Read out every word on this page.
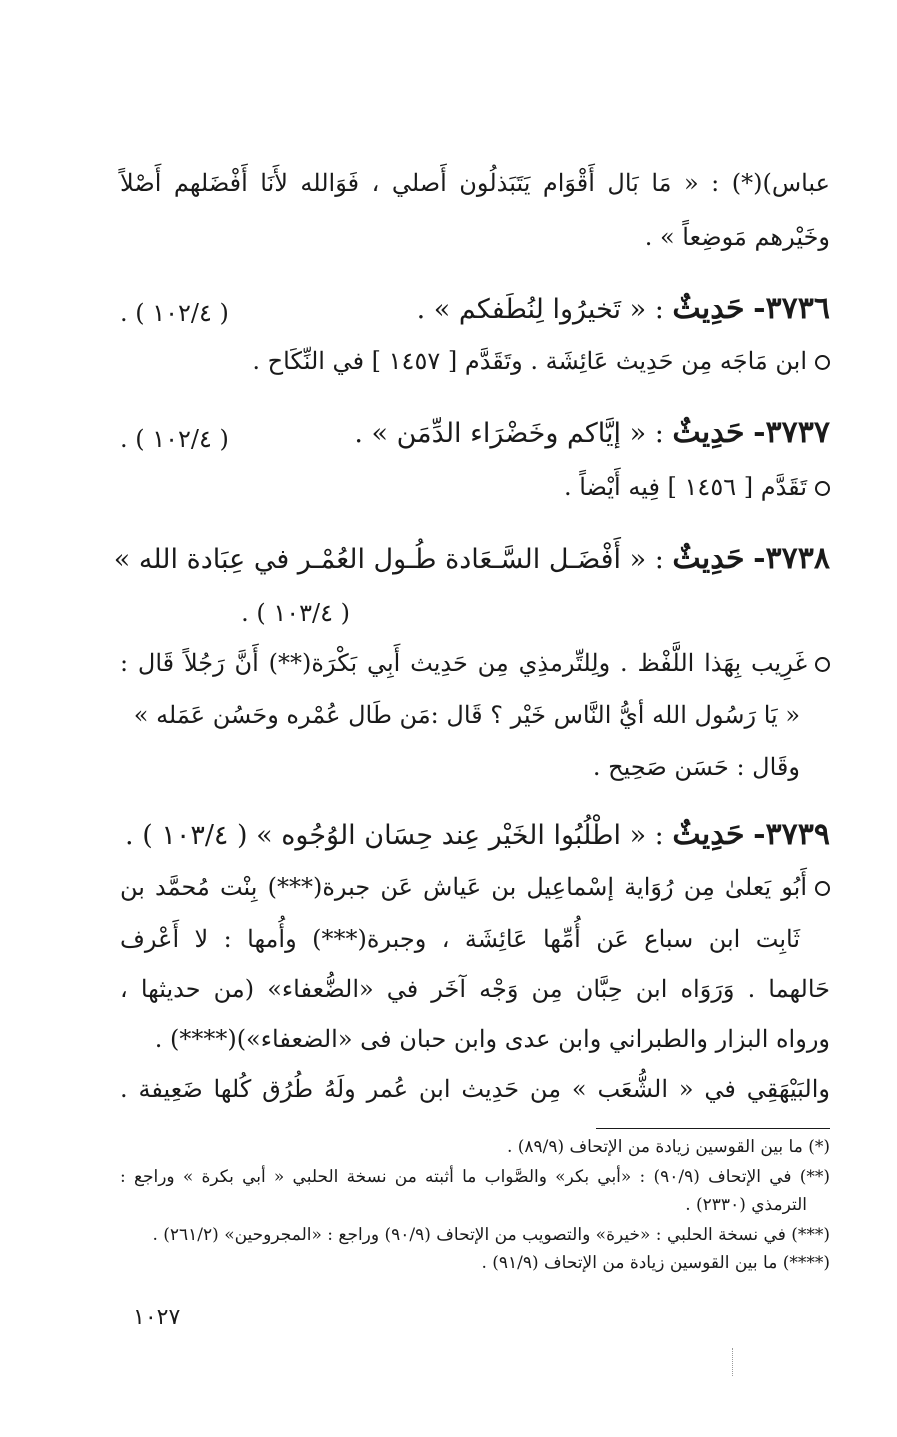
عباس)(*) : « مَا بَال أَقْوَام يَتَبَذلُون أَصلي ، فَوَالله لأَنَا أَفْضَلهم أَصْلاً
وخَيْرهم مَوضِعاً » .
٣٧٣٦- حَدِيثٌ : « تَخيرُوا لِنُطَفكم » .
( ١٠٢/٤ ) .
ابن مَاجَه مِن حَدِيث عَائِشَة . وتَقَدَّم [ ١٤٥٧ ] في النِّكَاح .
٣٧٣٧- حَدِيثٌ : « إيَّاكم وخَضْرَاء الدِّمَن » .
( ١٠٢/٤ ) .
تَقَدَّم [ ١٤٥٦ ] فِيه أَيْضاً .
٣٧٣٨- حَدِيثٌ : « أَفْضَـل السَّـعَادة طُـول العُمْـر في عِبَادة الله »
( ١٠٣/٤ ) .
غَرِيب بِهَذا اللَّفْظ . ولِلتِّرمذِي مِن حَدِيث أَبِي بَكْرَة(**) أَنَّ رَجُلاً قَال :
« يَا رَسُول الله أيُّ النَّاس خَيْر ؟ قَال :مَن طَال عُمْره وحَسُن عَمَله »
وقَال : حَسَن صَحِيح .
٣٧٣٩- حَدِيثٌ : « اطْلُبُوا الخَيْر عِند حِسَان الوُجُوه » ( ١٠٣/٤ ) .
أَبُو يَعلىٰ مِن رُوَاية إسْماعِيل بن عَياش عَن جبرة(***) بِنْت مُحمَّد بن
ثَابِت ابن سباع عَن أُمِّها عَائِشَة ، وجبرة(***) وأُمها : لا أَعْرف
حَالهما . وَرَوَاه ابن حِبَّان مِن وَجْه آخَر في «الضُّعفاء» (من حديثها ،
ورواه البزار والطبراني وابن عدى وابن حبان فى «الضعفاء»)(****) .
والبَيْهَقِي في « الشُّعَب » مِن حَدِيث ابن عُمر ولَهُ طُرُق كُلها ضَعِيفة .
(*) ما بين القوسين زيادة من الإتحاف (٨٩/٩) .
(**) في الإتحاف (٩٠/٩) : «أبي بكر» والصَّواب ما أثبته من نسخة الحلبي « أبي بكرة » وراجع :
الترمذي (٢٣٣٠) .
(***) في نسخة الحلبي : «خيرة» والتصويب من الإتحاف (٩٠/٩) وراجع : «المجروحين» (٢٦١/٢) .
(****) ما بين القوسين زيادة من الإتحاف (٩١/٩) .
١٠٢٧
